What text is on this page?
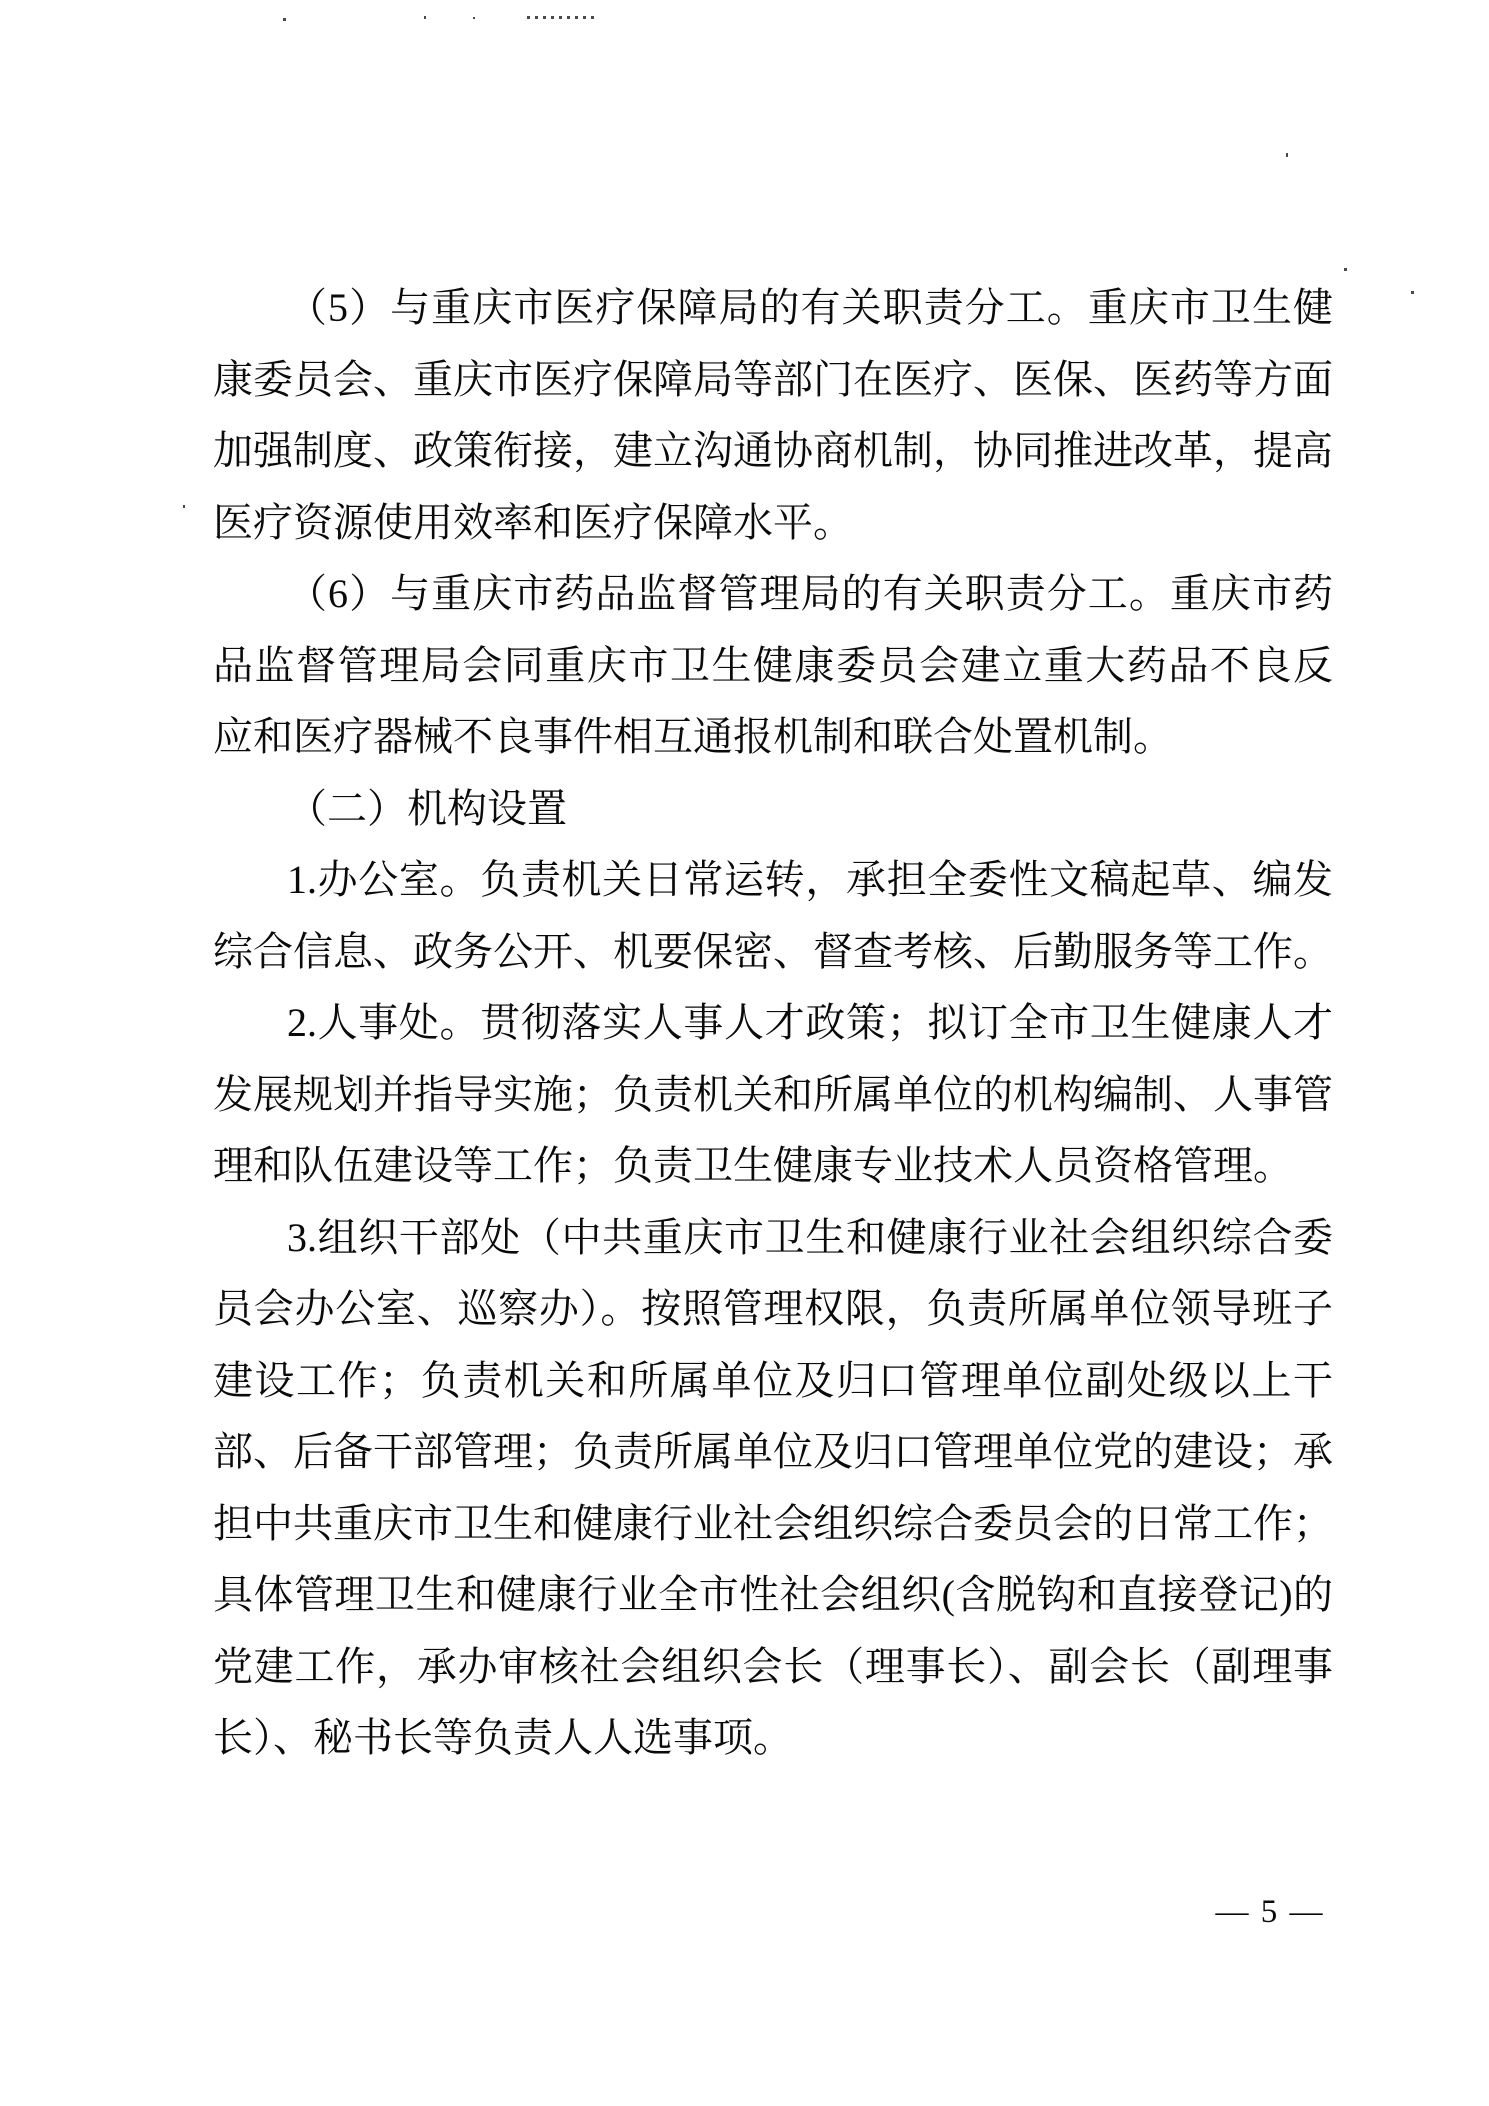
（5）与重庆市医疗保障局的有关职责分工。重庆市卫生健
康委员会、重庆市医疗保障局等部门在医疗、医保、医药等方面
加强制度、政策衔接，建立沟通协商机制，协同推进改革，提高
医疗资源使用效率和医疗保障水平。
（6）与重庆市药品监督管理局的有关职责分工。重庆市药
品监督管理局会同重庆市卫生健康委员会建立重大药品不良反
应和医疗器械不良事件相互通报机制和联合处置机制。
（二）机构设置
1.办公室。负责机关日常运转，承担全委性文稿起草、编发
综合信息、政务公开、机要保密、督查考核、后勤服务等工作。
2.人事处。贯彻落实人事人才政策；拟订全市卫生健康人才
发展规划并指导实施；负责机关和所属单位的机构编制、人事管
理和队伍建设等工作；负责卫生健康专业技术人员资格管理。
3.组织干部处（中共重庆市卫生和健康行业社会组织综合委
员会办公室、巡察办）。按照管理权限，负责所属单位领导班子
建设工作；负责机关和所属单位及归口管理单位副处级以上干
部、后备干部管理；负责所属单位及归口管理单位党的建设；承
担中共重庆市卫生和健康行业社会组织综合委员会的日常工作；
具体管理卫生和健康行业全市性社会组织(含脱钩和直接登记)的
党建工作，承办审核社会组织会长（理事长）、副会长（副理事
长）、秘书长等负责人人选事项。
— 5 —
